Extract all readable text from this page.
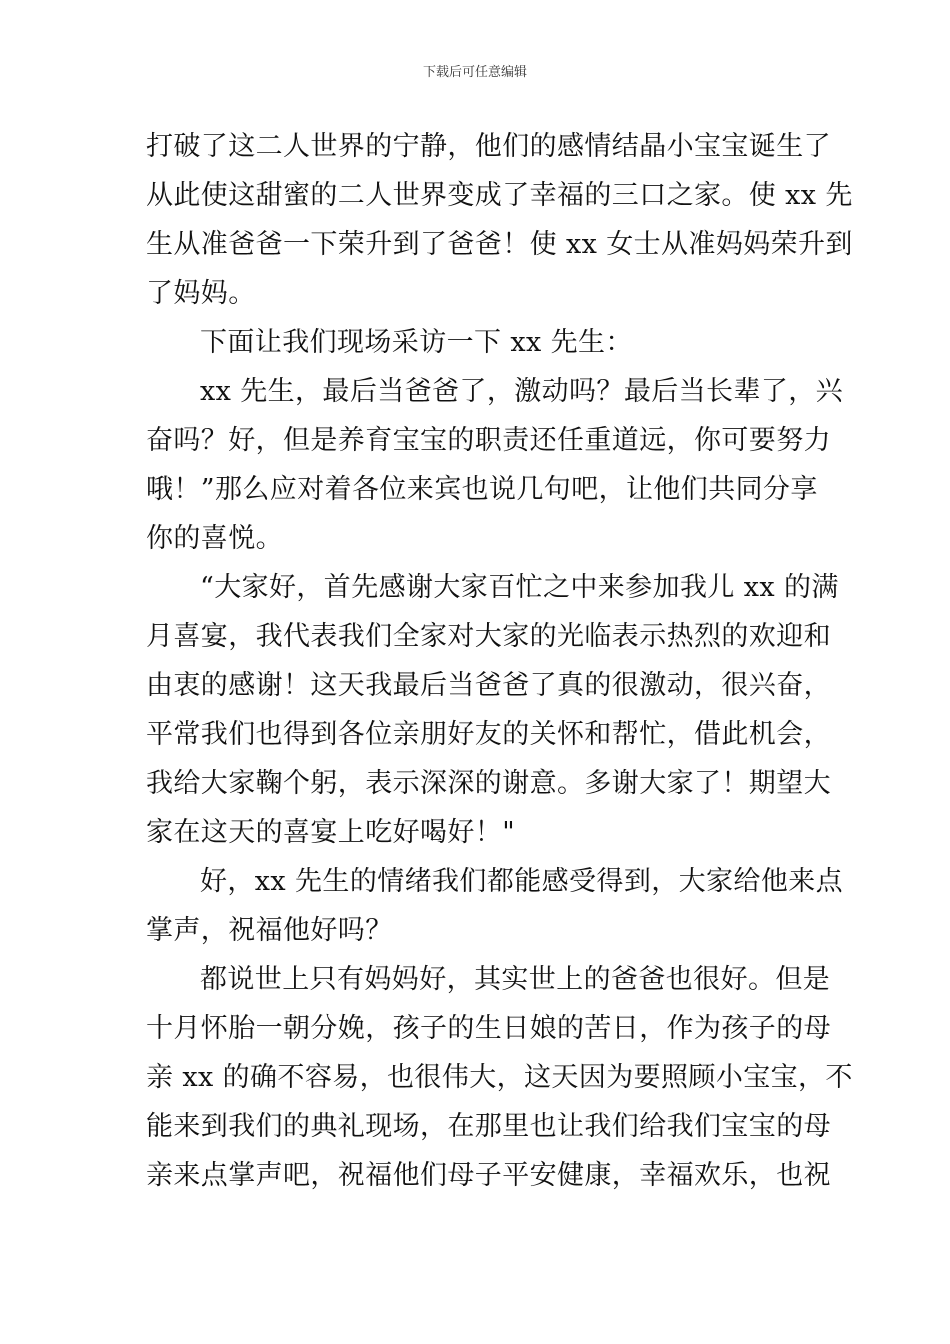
下载后可任意编辑
打破了这二人世界的宁静，他们的感情结晶小宝宝诞生了
从此使这甜蜜的二人世界变成了幸福的三口之家。使 xx 先
生从准爸爸一下荣升到了爸爸！使 xx 女士从准妈妈荣升到
了妈妈。
下面让我们现场采访一下 xx 先生：
xx 先生，最后当爸爸了，激动吗？最后当长辈了，兴
奋吗？好，但是养育宝宝的职责还任重道远，你可要努力
哦！”那么应对着各位来宾也说几句吧，让他们共同分享
你的喜悦。
“大家好，首先感谢大家百忙之中来参加我儿 xx 的满
月喜宴，我代表我们全家对大家的光临表示热烈的欢迎和
由衷的感谢！这天我最后当爸爸了真的很激动，很兴奋，
平常我们也得到各位亲朋好友的关怀和帮忙，借此机会，
我给大家鞠个躬，表示深深的谢意。多谢大家了！期望大
家在这天的喜宴上吃好喝好！"
好，xx 先生的情绪我们都能感受得到，大家给他来点
掌声，祝福他好吗？
都说世上只有妈妈好，其实世上的爸爸也很好。但是
十月怀胎一朝分娩，孩子的生日娘的苦日，作为孩子的母
亲 xx 的确不容易，也很伟大，这天因为要照顾小宝宝，不
能来到我们的典礼现场，在那里也让我们给我们宝宝的母
亲来点掌声吧，祝福他们母子平安健康，幸福欢乐，也祝
